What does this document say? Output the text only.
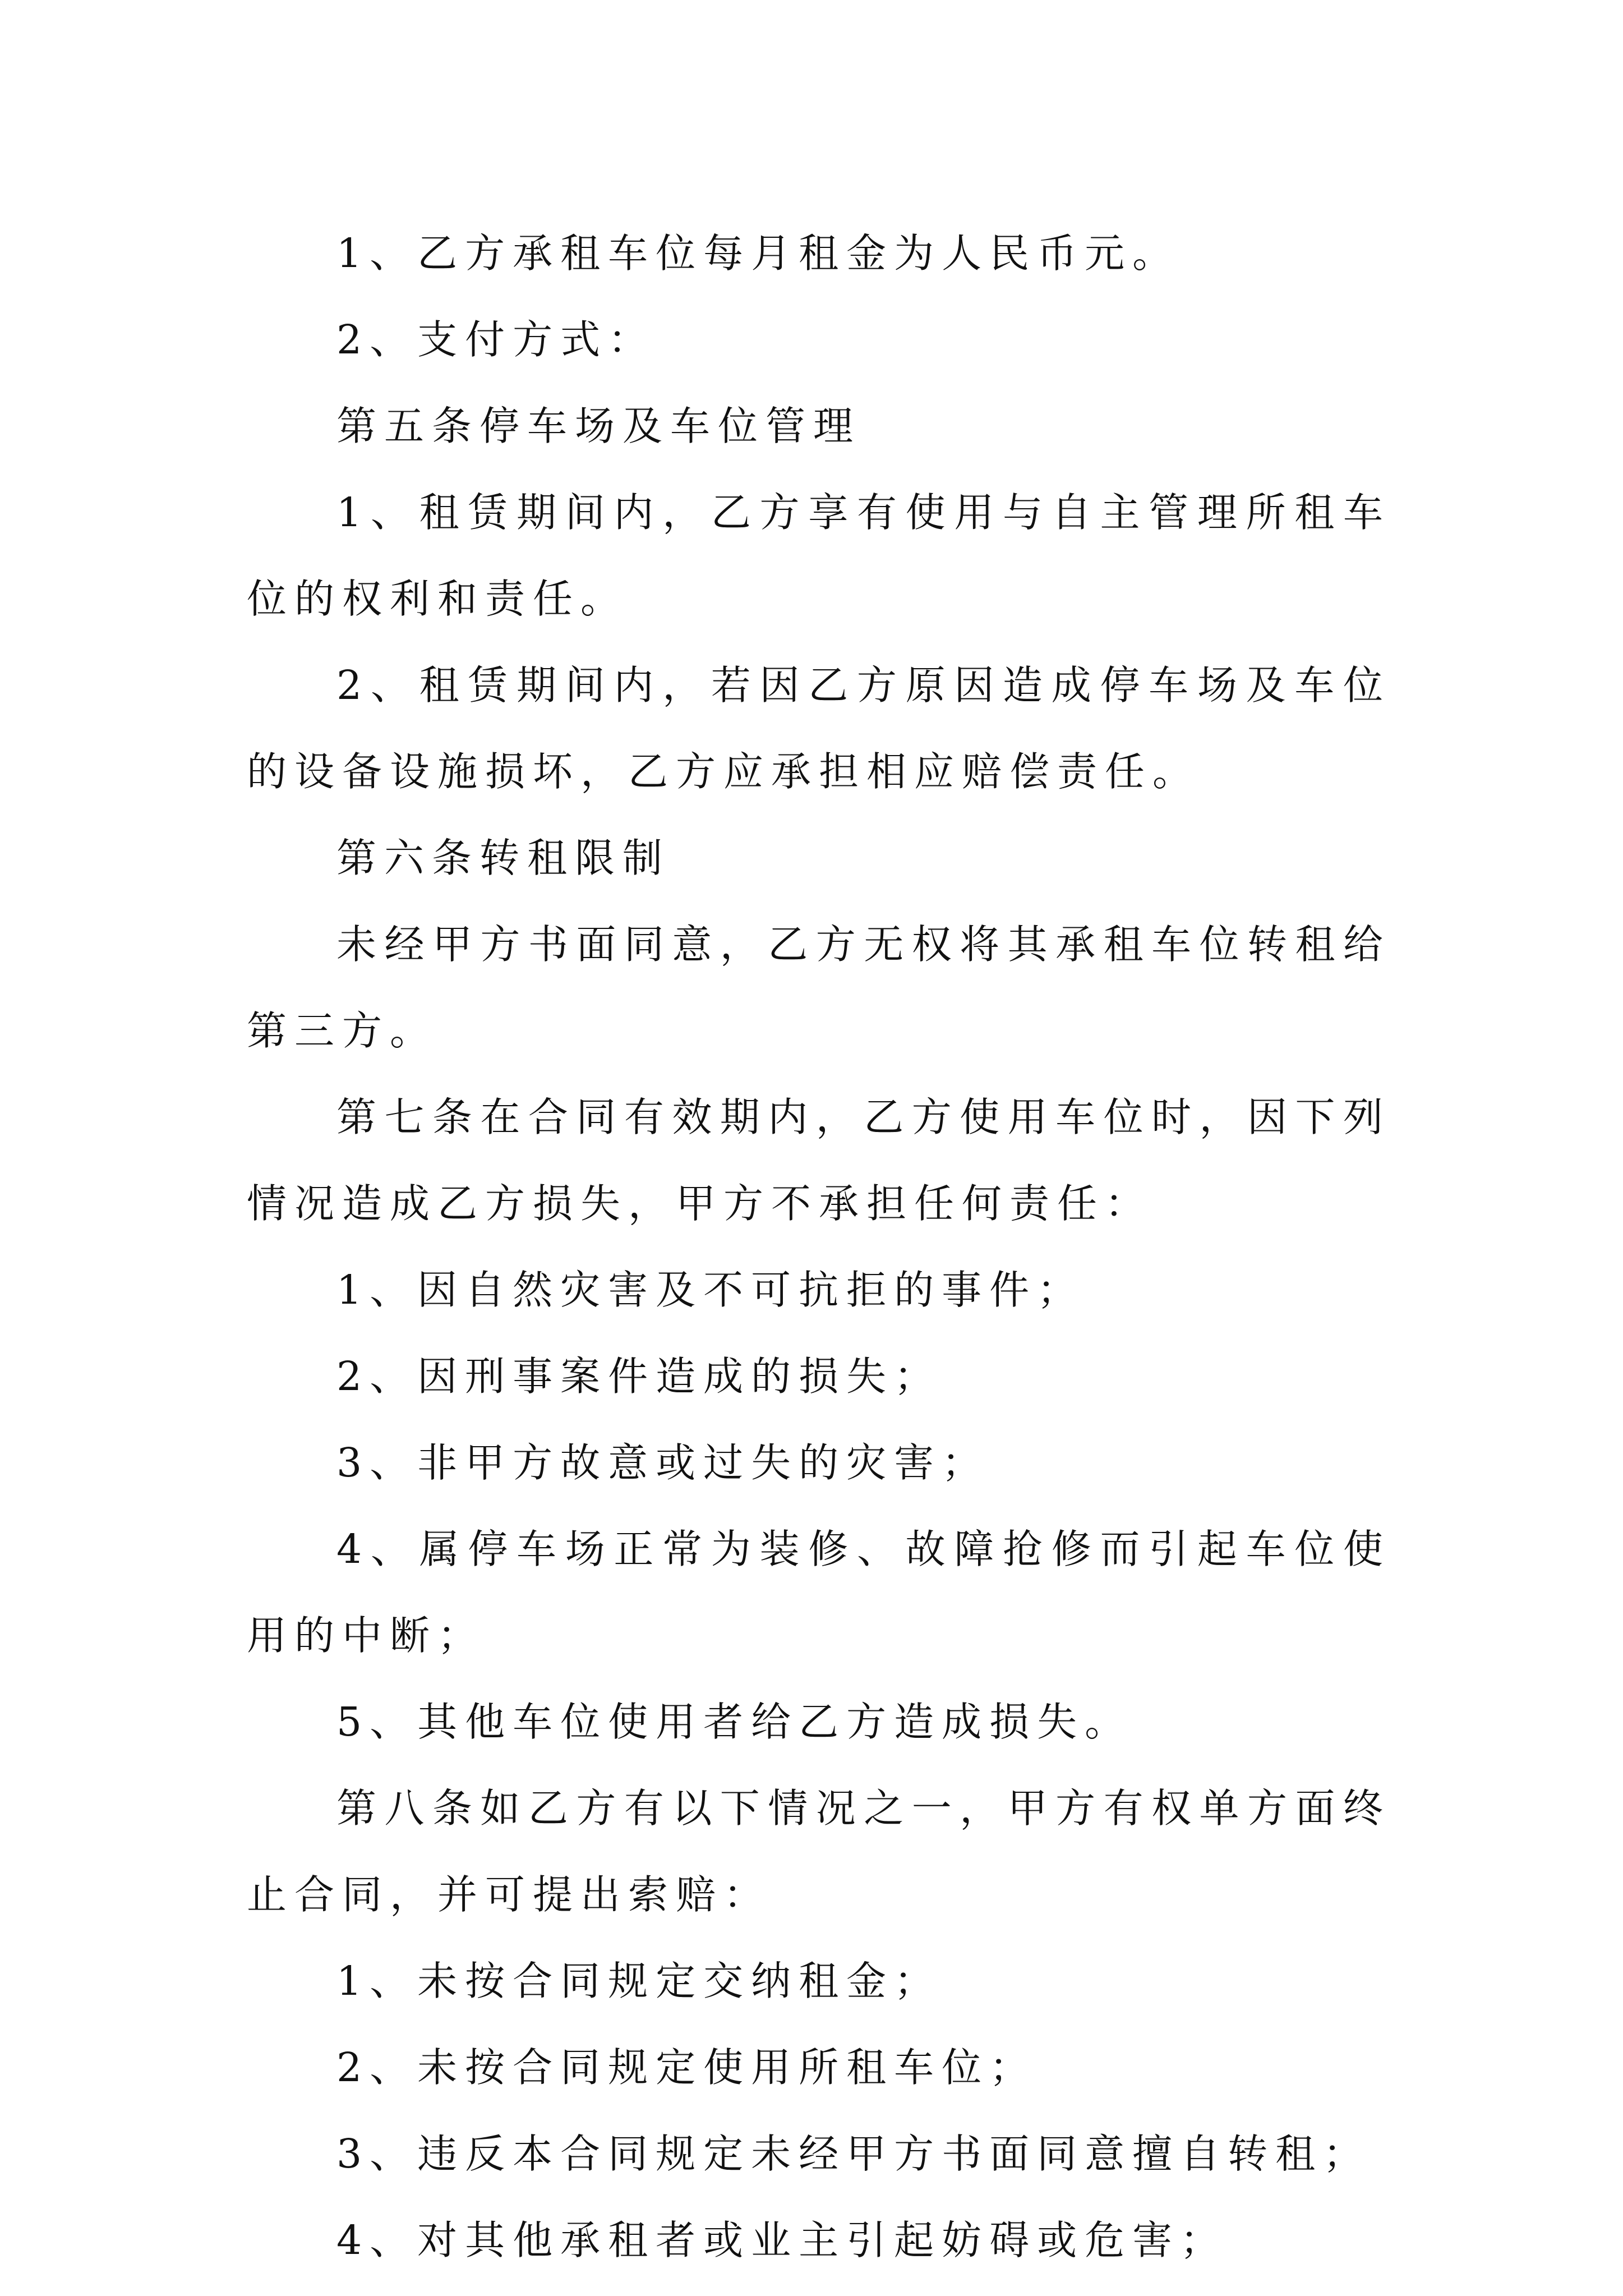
1、乙方承租车位每月租金为人民币元。

2、支付方式：

第五条停车场及车位管理

1、租赁期间内，乙方享有使用与自主管理所租车位的权利和责任。

2、租赁期间内，若因乙方原因造成停车场及车位的设备设施损坏，乙方应承担相应赔偿责任。

第六条转租限制

未经甲方书面同意，乙方无权将其承租车位转租给第三方。

第七条在合同有效期内，乙方使用车位时，因下列情况造成乙方损失，甲方不承担任何责任：

1、因自然灾害及不可抗拒的事件；

2、因刑事案件造成的损失；

3、非甲方故意或过失的灾害；

4、属停车场正常为装修、故障抢修而引起车位使用的中断；

5、其他车位使用者给乙方造成损失。

第八条如乙方有以下情况之一，甲方有权单方面终止合同，并可提出索赔：

1、未按合同规定交纳租金；

2、未按合同规定使用所租车位；

3、违反本合同规定未经甲方书面同意擅自转租；

4、对其他承租者或业主引起妨碍或危害；
